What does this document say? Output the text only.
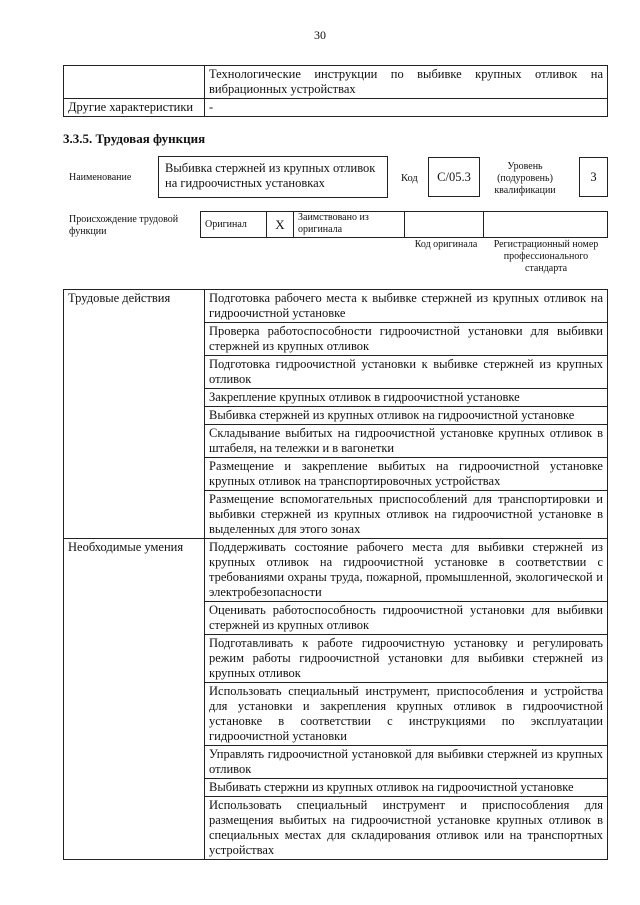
30
	Технологические инструкции по выбивке крупных отливок на вибрационных устройствах
Другие характеристики	-
3.3.5. Трудовая функция
Наименование
Выбивка стержней из крупных отливок на гидроочистных установках	Код	С/05.3
Уровень (подуровень) квалификации
3
Происхождение трудовой функции
Оригинал	Х	Заимствовано из оригинала		
Код оригинала	Регистрационный номер профессионального стандарта
Трудовые действия	Подготовка рабочего места к выбивке стержней из крупных отливок на гидроочистной установке
	Проверка работоспособности гидроочистной установки для выбивки стержней из крупных отливок
	Подготовка гидроочистной установки к выбивке стержней из крупных отливок
	Закрепление крупных отливок в гидроочистной установке
	Выбивка стержней из крупных отливок на гидроочистной установке
	Складывание выбитых на гидроочистной установке крупных отливок в штабеля, на тележки и в вагонетки
	Размещение и закрепление выбитых на гидроочистной установке крупных отливок на транспортировочных устройствах
	Размещение вспомогательных приспособлений для транспортировки и выбивки стержней из крупных отливок на гидроочистной установке в выделенных для этого зонах
Необходимые умения	Поддерживать состояние рабочего места для выбивки стержней из крупных отливок на гидроочистной установке в соответствии с требованиями охраны труда, пожарной, промышленной, экологической и электробезопасности
	Оценивать работоспособность гидроочистной установки для выбивки стержней из крупных отливок
	Подготавливать к работе гидроочистную установку и регулировать режим работы гидроочистной установки для выбивки стержней из крупных отливок
	Использовать специальный инструмент, приспособления и устройства для установки и закрепления крупных отливок в гидроочистной установке в соответствии с инструкциями по эксплуатации гидроочистной установки
	Управлять гидроочистной установкой для выбивки стержней из крупных отливок
	Выбивать стержни из крупных отливок на гидроочистной установке
	Использовать специальный инструмент и приспособления для размещения выбитых на гидроочистной установке крупных отливок в специальных местах для складирования отливок или на транспортных устройствах
